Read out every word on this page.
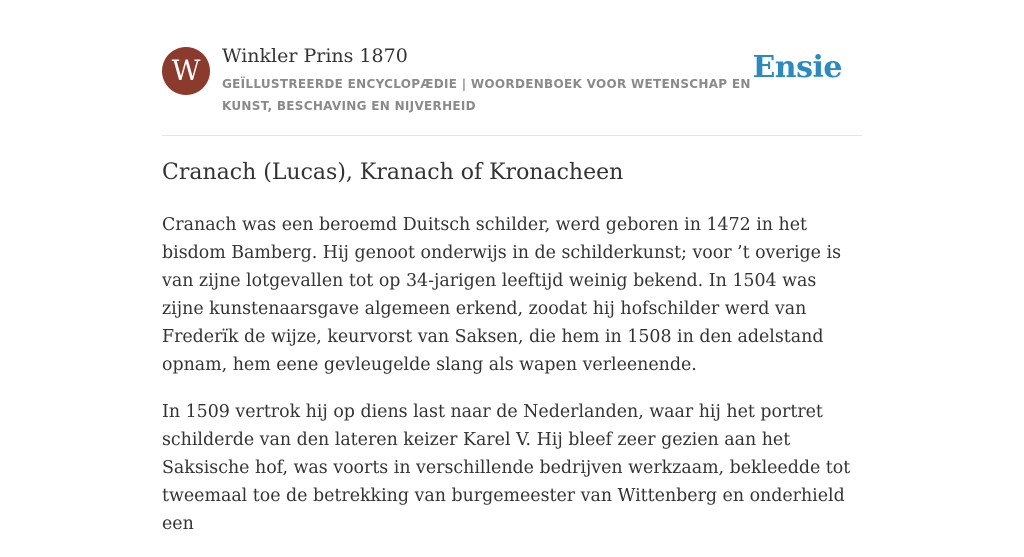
W	Winkler Prins 1870
GEÏLLUSTREERDE ENCYCLOPÆDIE | WOORDENBOEK VOOR WETENSCHAP EN KUNST, BESCHAVING EN NIJVERHEID
Ensie
Cranach (Lucas), Kranach of Kronacheen

Cranach was een beroemd Duitsch schilder, werd geboren in 1472 in het bisdom Bamberg. Hij genoot onderwijs in de schilderkunst; voor ’t overige is van zijne lotgevallen tot op 34-jarigen leeftijd weinig bekend. In 1504 was zijne kunstenaarsgave algemeen erkend, zoodat hij hofschilder werd van Frederïk de wijze, keurvorst van Saksen, die hem in 1508 in den adelstand opnam, hem eene gevleugelde slang als wapen verleenende.

In 1509 vertrok hij op diens last naar de Nederlanden, waar hij het portret schilderde van den lateren keizer Karel V. Hij bleef zeer gezien aan het Saksische hof, was voorts in verschillende bedrijven werkzaam, bekleedde tot tweemaal toe de betrekking van burgemeester van Wittenberg en onderhield een
